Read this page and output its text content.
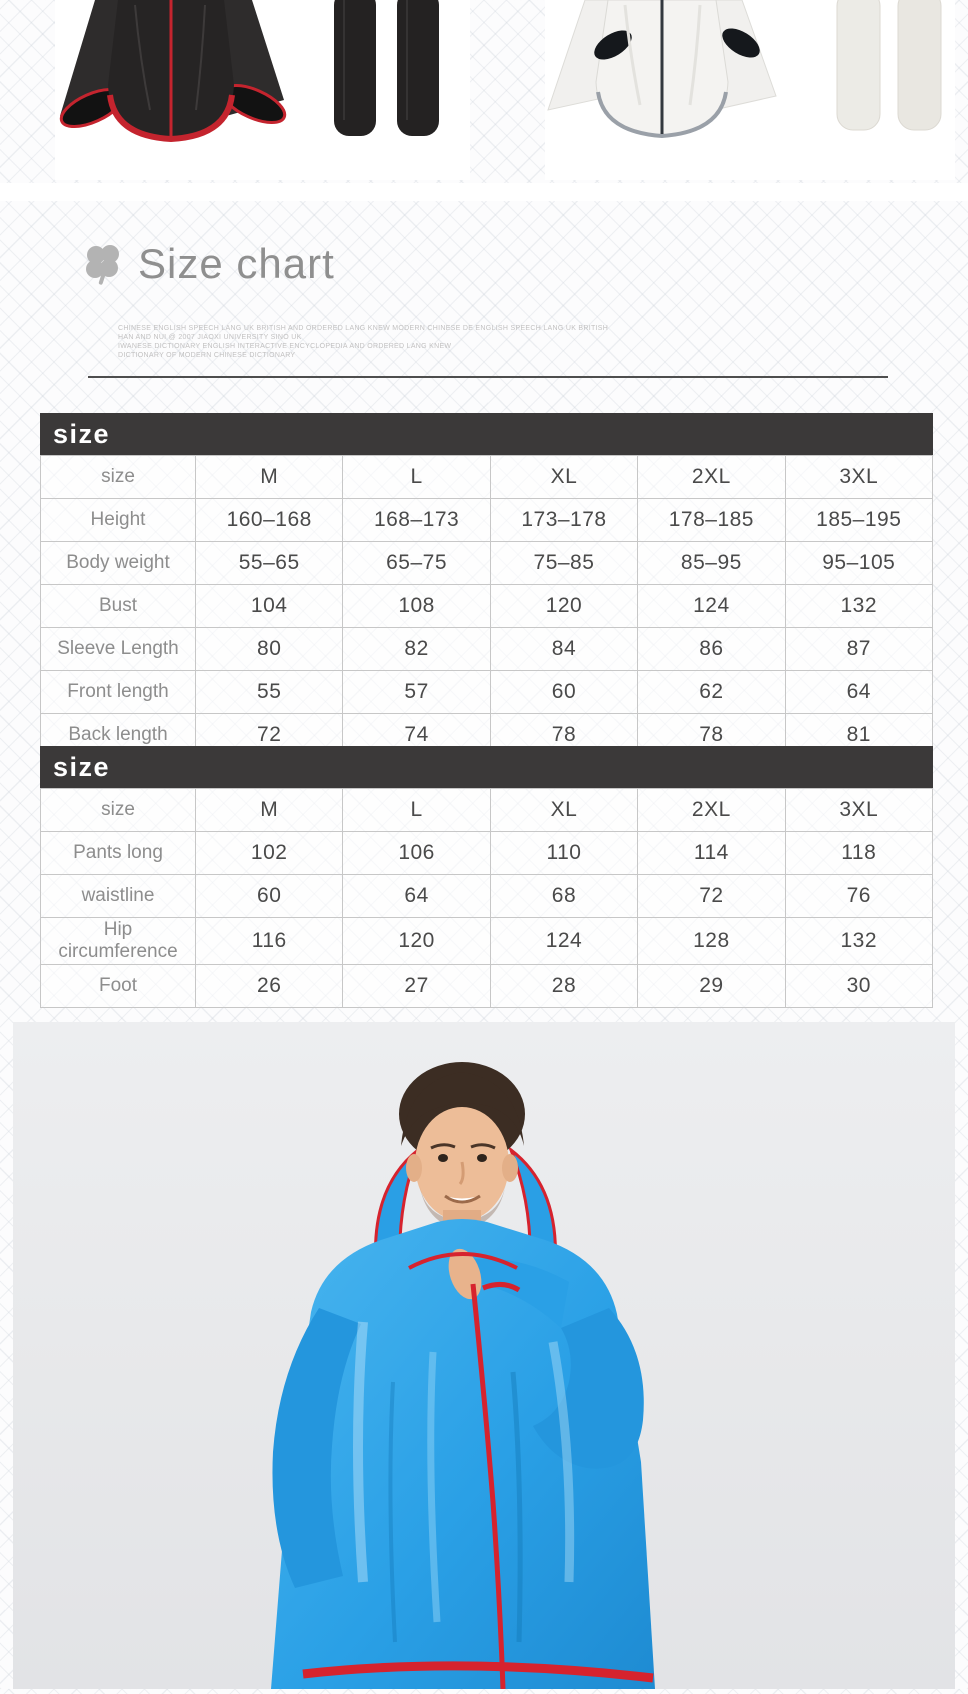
Size chart
CHINESE ENGLISH SPEECH LANG UK BRITISH AND ORDERED LANG KNEW MODERN CHINESE DE ENGLISH SPEECH LANG UK BRITISH
HAN AND NUI @ 2007 JIAOXI UNIVERSITY SINO UK
IWANESE DICTIONARY ENGLISH INTERACTIVE ENCYCLOPEDIA AND ORDERED LANG KNEW
DICTIONARY OF MODERN CHINESE DICTIONARY
size
size	M	L	XL	2XL	3XL
Height	160–168	168–173	173–178	178–185	185–195
Body weight	55–65	65–75	75–85	85–95	95–105
Bust	104	108	120	124	132
Sleeve Length	80	82	84	86	87
Front length	55	57	60	62	64
Back length	72	74	78	78	81
size
size	M	L	XL	2XL	3XL
Pants long	102	106	110	114	118
waistline	60	64	68	72	76
Hip circumference	116	120	124	128	132
Foot	26	27	28	29	30
